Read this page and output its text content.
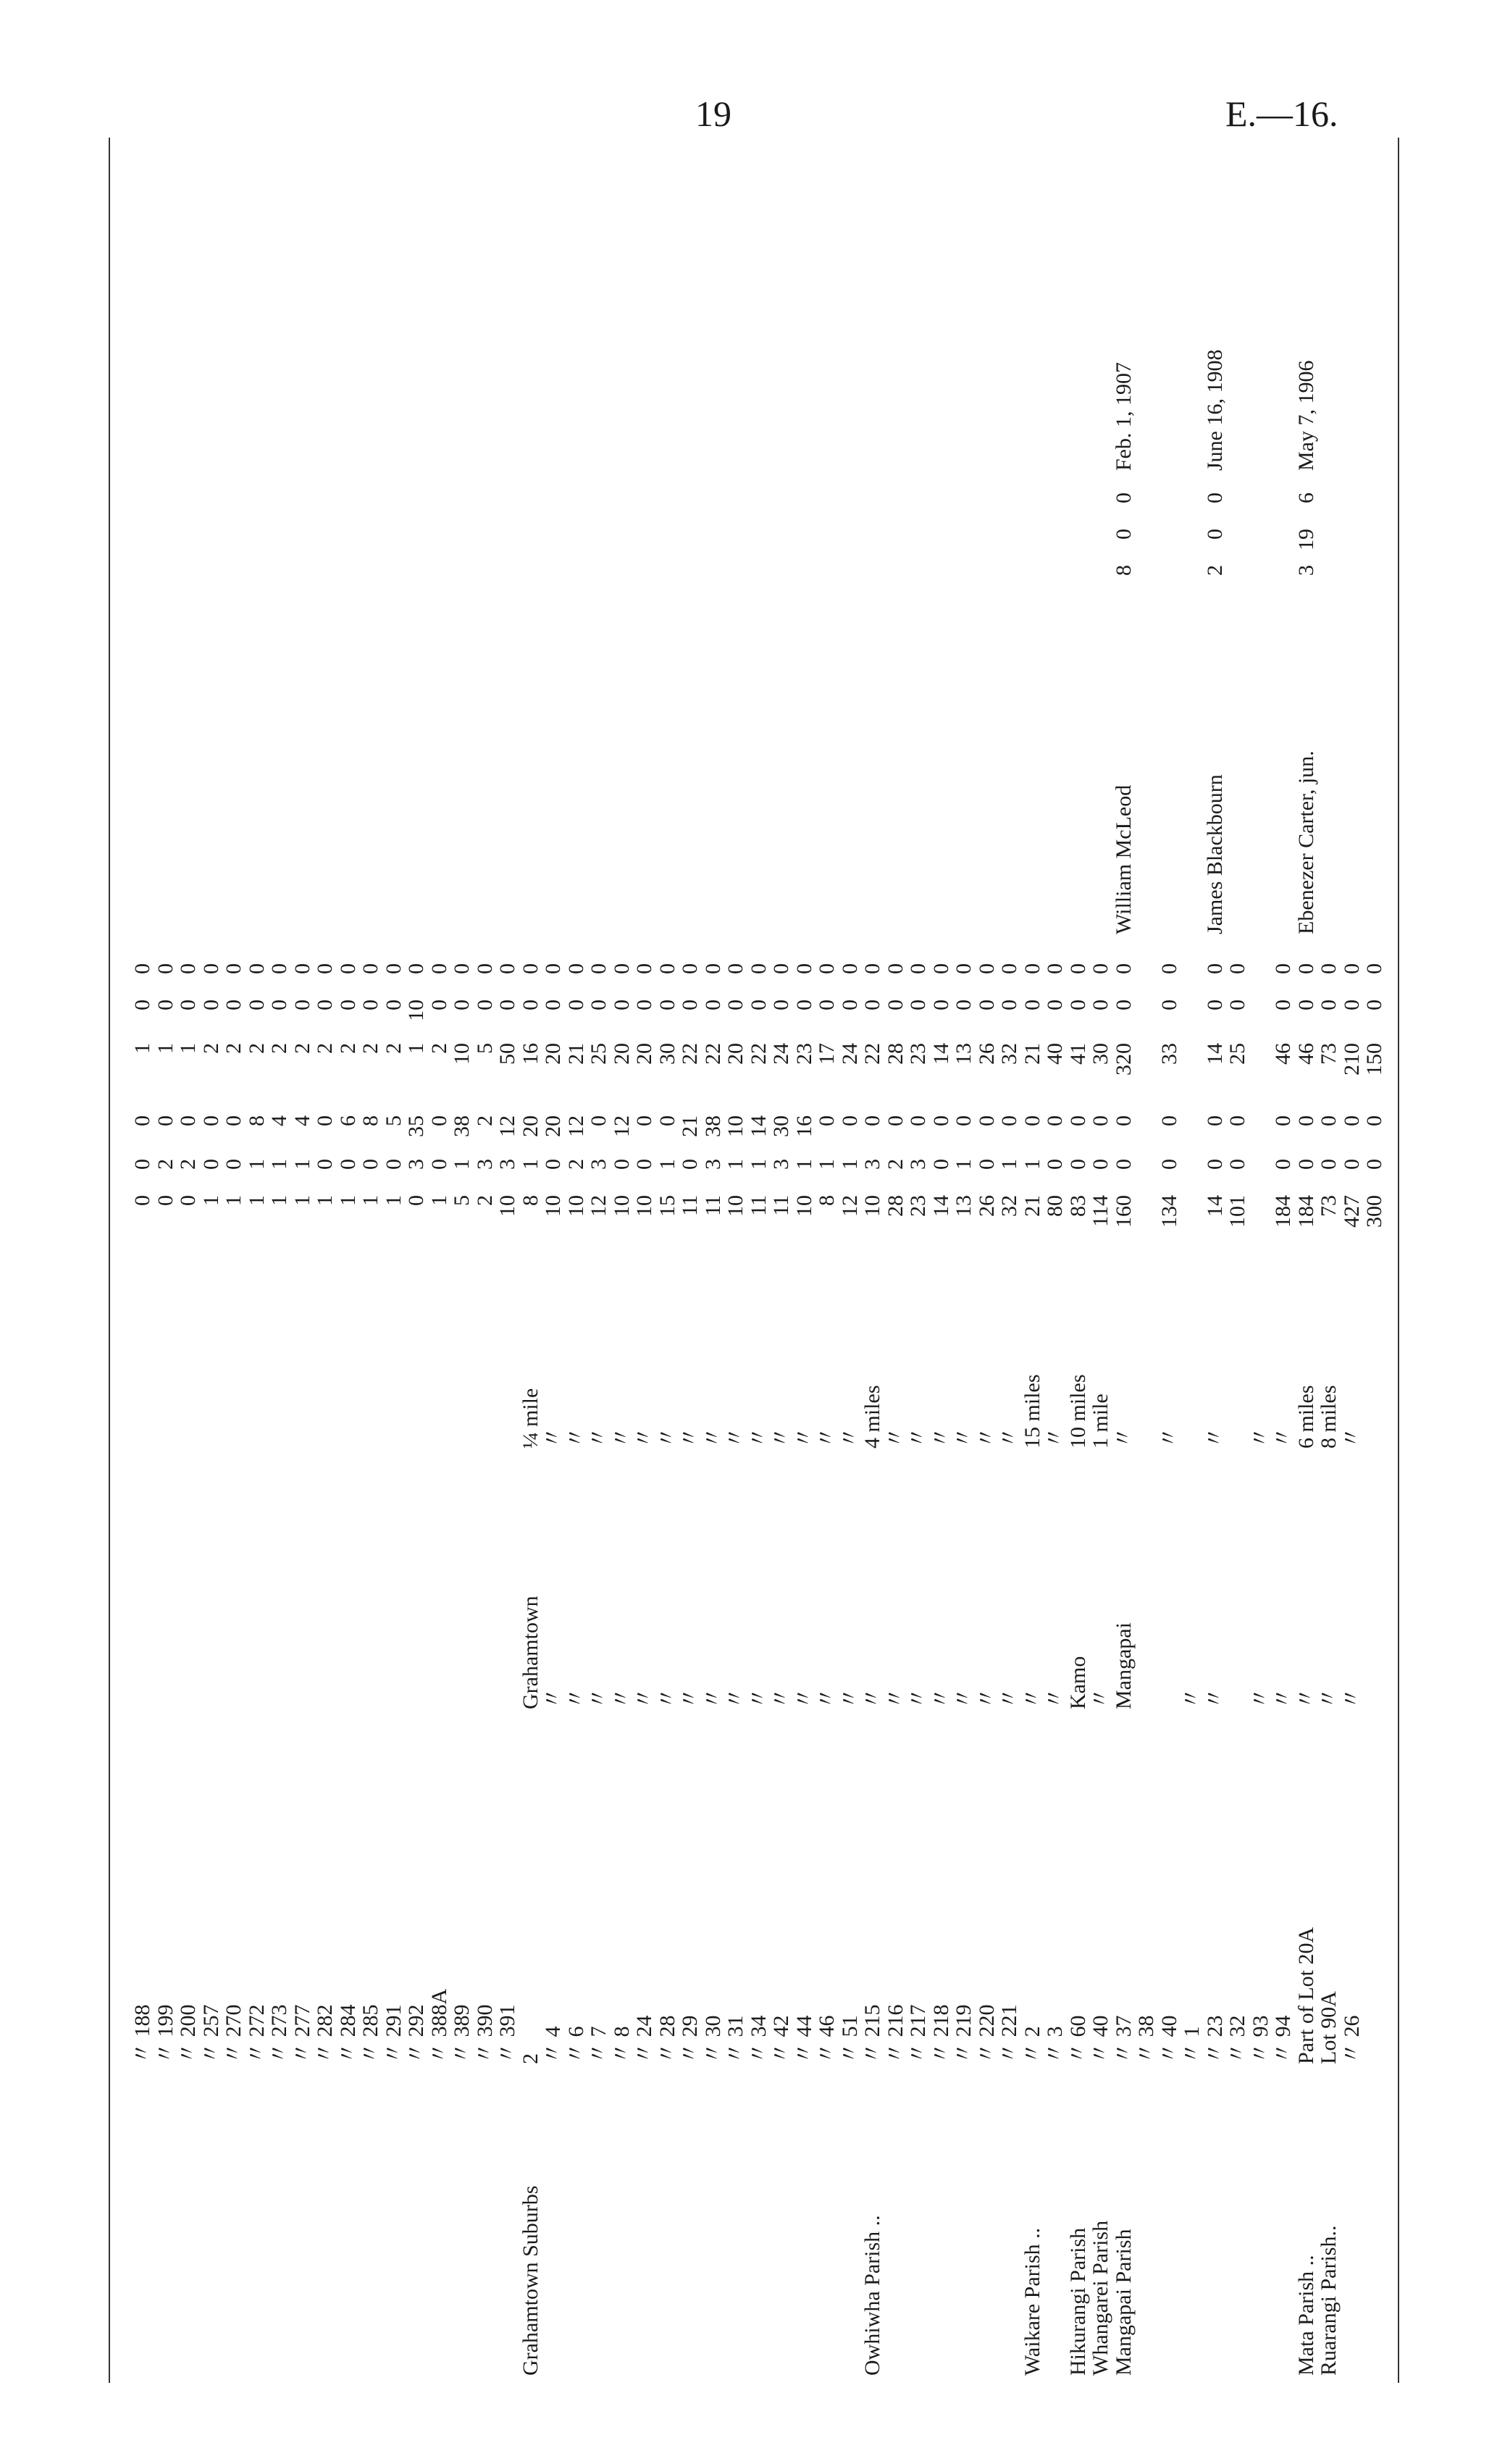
19	E.—16.
〃 188
0
0
0
1
0
0
〃 199
0
2
0
1
0
0
〃 200
0
2
0
1
0
0
〃 257
1
0
0
2
0
0
〃 270
1
0
0
2
0
0
〃 272
1
1
8
2
0
0
〃 273
1
1
4
2
0
0
〃 277
1
1
4
2
0
0
〃 282
1
0
0
2
0
0
〃 284
1
0
6
2
0
0
〃 285
1
0
8
2
0
0
〃 291
1
0
5
2
0
0
〃 292
0
3
35
1
10
0
〃 388A
1
0
0
2
0
0
〃 389
5
1
38
10
0
0
〃 390
2
3
2
5
0
0
〃 391
10
3
12
50
0
0
Grahamtown Suburbs
2
Grahamtown
¼ mile
8
1
20
16
0
0
〃 4
〃
〃
10
0
20
20
0
0
〃 6
〃
〃
10
2
12
21
0
0
〃 7
〃
〃
12
3
0
25
0
0
〃 8
〃
〃
10
0
12
20
0
0
〃 24
〃
〃
10
0
0
20
0
0
〃 28
〃
〃
15
1
0
30
0
0
〃 29
〃
〃
11
0
21
22
0
0
〃 30
〃
〃
11
3
38
22
0
0
〃 31
〃
〃
10
1
10
20
0
0
〃 34
〃
〃
11
1
14
22
0
0
〃 42
〃
〃
11
3
30
24
0
0
〃 44
〃
〃
10
1
16
23
0
0
〃 46
〃
〃
8
1
0
17
0
0
〃 51
〃
〃
12
1
0
24
0
0
Owhiwha Parish ..
〃 215
〃
4 miles
10
3
0
22
0
0
〃 216
〃
〃
28
2
0
28
0
0
〃 217
〃
〃
23
3
0
23
0
0
〃 218
〃
〃
14
0
0
14
0
0
〃 219
〃
〃
13
1
0
13
0
0
〃 220
〃
〃
26
0
0
26
0
0
〃 221
〃
〃
32
1
0
32
0
0
Waikare Parish ..
〃 2
〃
15 miles
21
1
0
21
0
0
〃 3
〃
〃
80
0
0
40
0
0
Hikurangi Parish
〃 60
Kamo
10 miles
83
0
0
41
0
0
Whangarei Parish
〃 40
〃
1 mile
114
0
0
30
0
0
Mangapai Parish
〃 37
Mangapai
〃
160
0
0
320
0
0
William McLeod
8
0
0
Feb. 1, 1907
〃 38
〃 40
〃
134
0
0
33
0
0
〃 1
〃
〃 23
〃
〃
14
0
0
14
0
0
James Blackbourn
2
0
0
June 16, 1908
〃 32
101
0
0
25
0
0
〃 93
〃
〃
〃 94
〃
〃
184
0
0
46
0
0
Mata Parish ..
Part of Lot 20A
〃
6 miles
184
0
0
46
0
0
Ebenezer Carter, jun.
3
19
6
May 7, 1906
Ruarangi Parish..
Lot 90A
〃
8 miles
73
0
0
73
0
0
〃 26
〃
〃
427
0
0
210
0
0
300
0
0
150
0
0
